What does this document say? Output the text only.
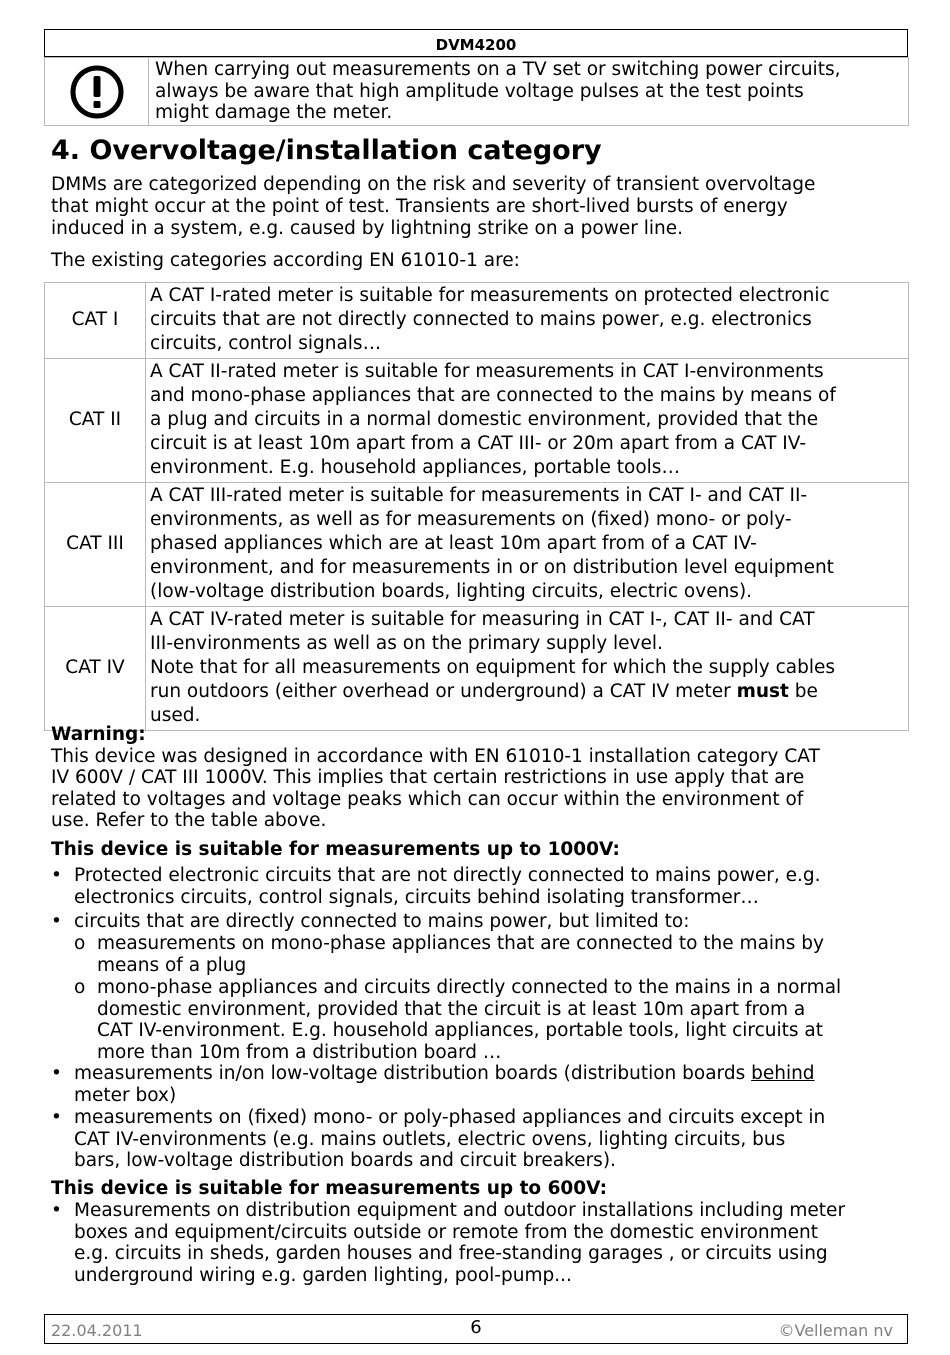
DVM4200
When carrying out measurements on a TV set or switching power circuits,
always be aware that high amplitude voltage pulses at the test points
might damage the meter.
4. Overvoltage/installation category
DMMs are categorized depending on the risk and severity of transient overvoltage
that might occur at the point of test. Transients are short-lived bursts of energy
induced in a system, e.g. caused by lightning strike on a power line.
The existing categories according EN 61010-1 are:
CAT I	A CAT I-rated meter is suitable for measurements on protected electronic
circuits that are not directly connected to mains power, e.g. electronics
circuits, control signals…

CAT II	A CAT II-rated meter is suitable for measurements in CAT I-environments
and mono-phase appliances that are connected to the mains by means of
a plug and circuits in a normal domestic environment, provided that the
circuit is at least 10m apart from a CAT III- or 20m apart from a CAT IV-
environment. E.g. household appliances, portable tools…

CAT III	A CAT III-rated meter is suitable for measurements in CAT I- and CAT II-
environments, as well as for measurements on (fixed) mono- or poly-
phased appliances which are at least 10m apart from of a CAT IV-
environment, and for measurements in or on distribution level equipment
(low-voltage distribution boards, lighting circuits, electric ovens).

CAT IV	A CAT IV-rated meter is suitable for measuring in CAT I-, CAT II- and CAT
III-environments as well as on the primary supply level.
Note that for all measurements on equipment for which the supply cables
run outdoors (either overhead or underground) a CAT IV meter must be
used.
Warning:
This device was designed in accordance with EN 61010-1 installation category CAT
IV 600V / CAT III 1000V. This implies that certain restrictions in use apply that are
related to voltages and voltage peaks which can occur within the environment of
use. Refer to the table above.
This device is suitable for measurements up to 1000V:
• Protected electronic circuits that are not directly connected to mains power, e.g.
electronics circuits, control signals, circuits behind isolating transformer…
• circuits that are directly connected to mains power, but limited to:
o measurements on mono-phase appliances that are connected to the mains by
means of a plug
o mono-phase appliances and circuits directly connected to the mains in a normal
domestic environment, provided that the circuit is at least 10m apart from a
CAT IV-environment. E.g. household appliances, portable tools, light circuits at
more than 10m from a distribution board …
• measurements in/on low-voltage distribution boards (distribution boards behind
meter box)
• measurements on (fixed) mono- or poly-phased appliances and circuits except in
CAT IV-environments (e.g. mains outlets, electric ovens, lighting circuits, bus
bars, low-voltage distribution boards and circuit breakers).
This device is suitable for measurements up to 600V:
• Measurements on distribution equipment and outdoor installations including meter
boxes and equipment/circuits outside or remote from the domestic environment
e.g. circuits in sheds, garden houses and free-standing garages , or circuits using
underground wiring e.g. garden lighting, pool-pump...
22.04.2011	6	©Velleman nv
